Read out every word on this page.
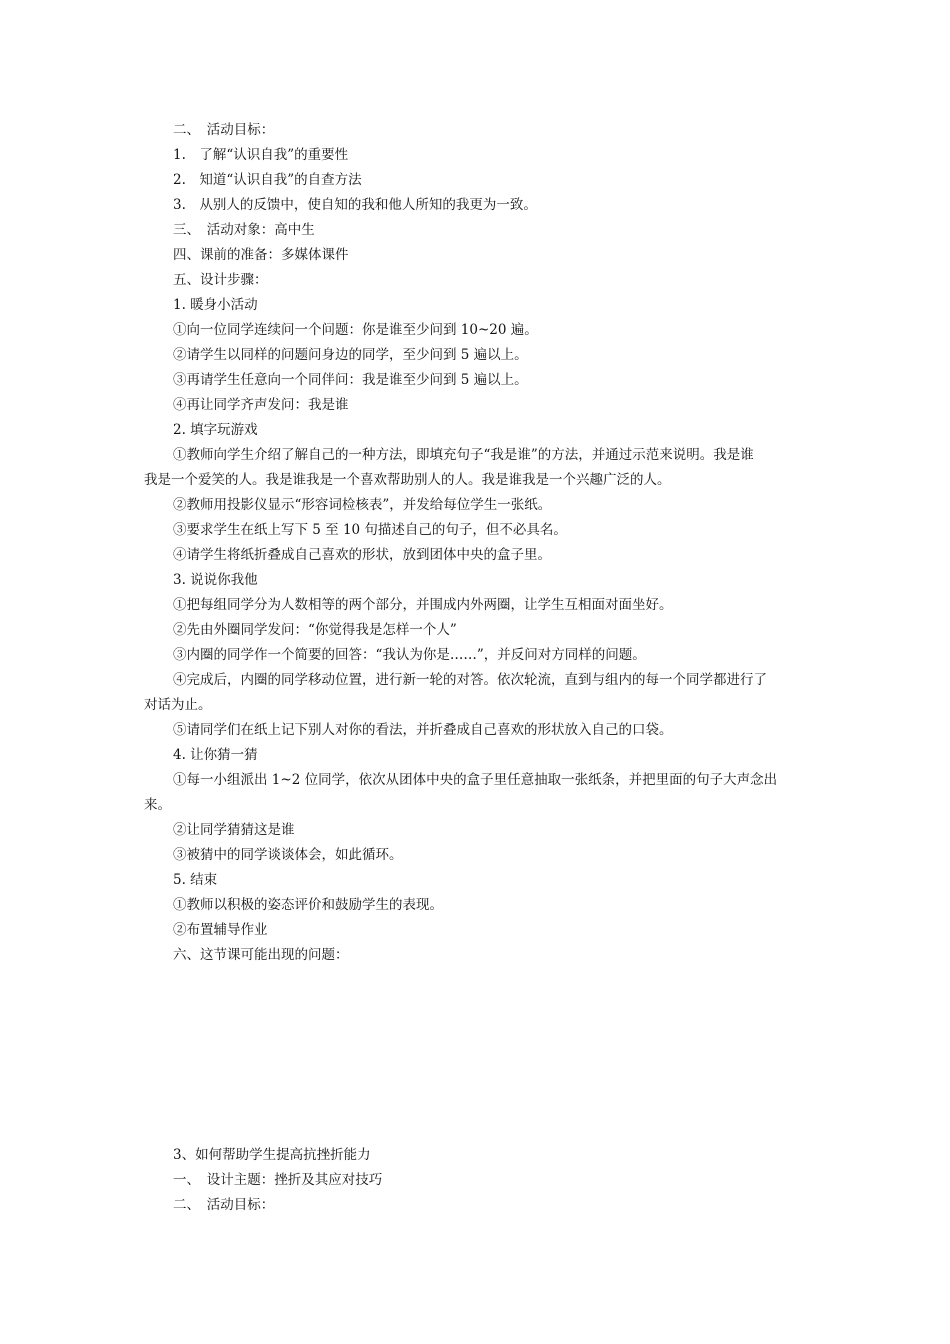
二、　活动目标：
1.　了解“认识自我”的重要性
2.　知道“认识自我”的自查方法
3.　从别人的反馈中，使自知的我和他人所知的我更为一致。
三、　活动对象：高中生
四、课前的准备：多媒体课件
五、设计步骤：
1. 暖身小活动
①向一位同学连续问一个问题：你是谁至少问到 10~20 遍。
②请学生以同样的问题问身边的同学，至少问到 5 遍以上。
③再请学生任意向一个同伴问：我是谁至少问到 5 遍以上。
④再让同学齐声发问：我是谁
2. 填字玩游戏
①教师向学生介绍了解自己的一种方法，即填充句子“我是谁”的方法，并通过示范来说明。我是谁
我是一个爱笑的人。我是谁我是一个喜欢帮助别人的人。我是谁我是一个兴趣广泛的人。
②教师用投影仪显示“形容词检核表”，并发给每位学生一张纸。
③要求学生在纸上写下 5 至 10 句描述自己的句子，但不必具名。
④请学生将纸折叠成自己喜欢的形状，放到团体中央的盒子里。
3. 说说你我他
①把每组同学分为人数相等的两个部分，并围成内外两圈，让学生互相面对面坐好。
②先由外圈同学发问：“你觉得我是怎样一个人”
③内圈的同学作一个简要的回答：“我认为你是……”，并反问对方同样的问题。
④完成后，内圈的同学移动位置，进行新一轮的对答。依次轮流，直到与组内的每一个同学都进行了
对话为止。
⑤请同学们在纸上记下别人对你的看法，并折叠成自己喜欢的形状放入自己的口袋。
4. 让你猜一猜
①每一小组派出 1~2 位同学，依次从团体中央的盒子里任意抽取一张纸条，并把里面的句子大声念出
来。
②让同学猜猜这是谁
③被猜中的同学谈谈体会，如此循环。
5. 结束
①教师以积极的姿态评价和鼓励学生的表现。
②布置辅导作业
六、这节课可能出现的问题：
3、如何帮助学生提高抗挫折能力
一、　设计主题：挫折及其应对技巧
二、　活动目标：
